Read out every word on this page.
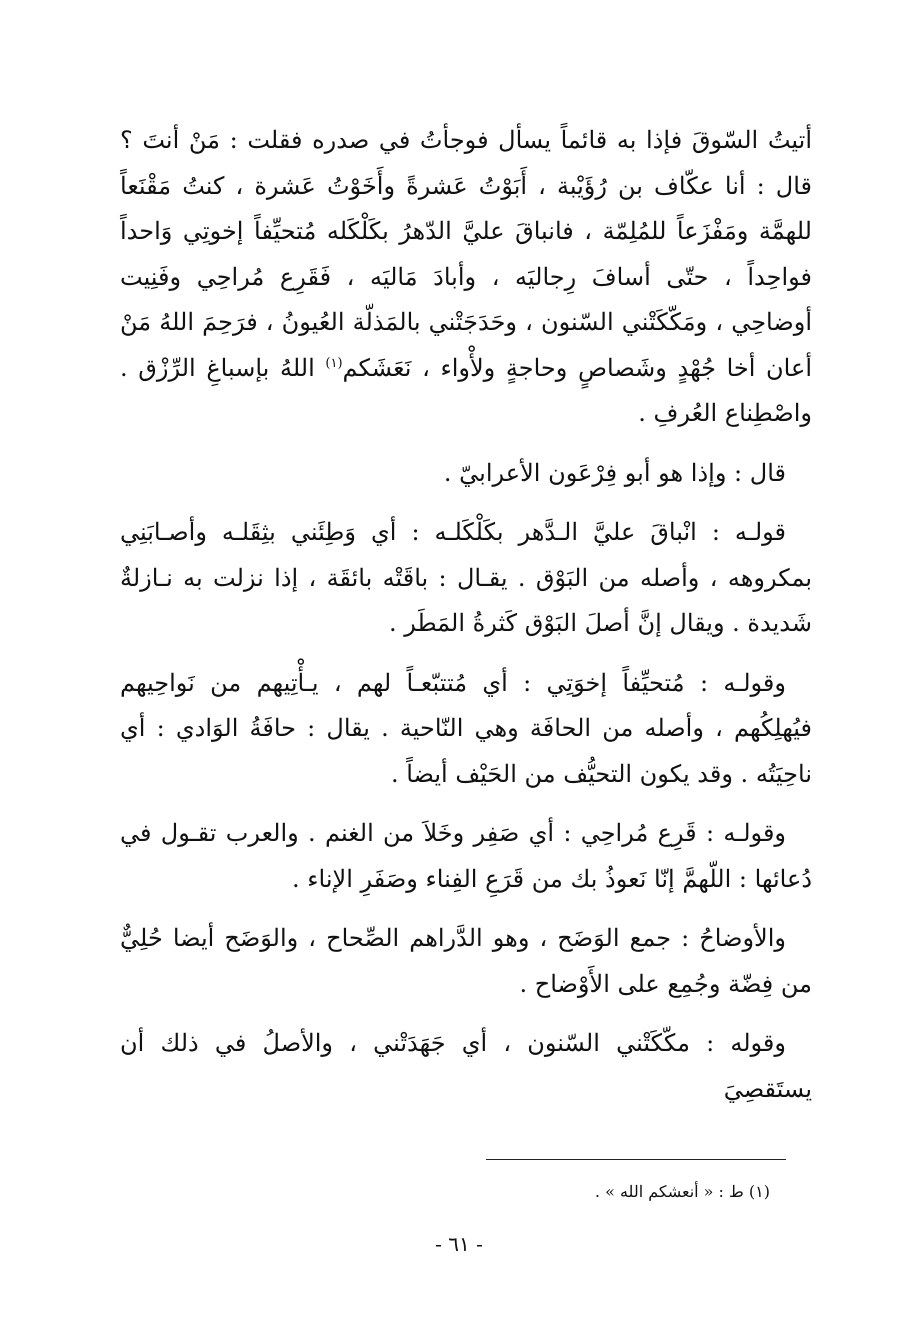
أتيتُ السّوقَ فإذا به قائماً يسأل فوجأتُ في صدره فقلت : مَنْ أنتَ ؟ قال : أنا عكّاف بن رُؤَيْبة ، أَبَوْتُ عَشرةً وأَخَوْتُ عَشرة ، كنتُ مَقْنَعاً للهمَّة ومَفْزَعاً للمُلِمّة ، فانباقَ عليَّ الدّهرُ بكَلْكَله مُتحيِّفاً إخوتِي وَاحداً فواحِداً ، حتّى أسافَ رِجاليَه ، وأبادَ مَاليَه ، فَقَرِع مُراحِي وفَنِيت أوضاحِي ، ومَكّكَتْني السّنون ، وحَدَجَتْني بالمَذلّة العُيونُ ، فرَحِمَ اللهُ مَنْ أعان أخا جُهْدٍ وشَصاصٍ وحاجةٍ ولأْواء ، نَعَشَكم$^{(١)}$ اللهُ بإسباغِ الرِّزْق . واصْطِناع العُرفِ .

قال : وإذا هو أبو فِرْعَون الأعرابيّ .

قولـه : انْباقَ عليَّ الـدَّهر بكَلْكَلـه : أي وَطِئَني بثِقَلـه وأصـابَنِي بمكروهه ، وأصله من البَوْق . يقـال : باقَتْه بائقَة ، إذا نزلت به نـازلةٌ شَديدة . ويقال إنَّ أصلَ البَوْق كَثرةُ المَطَر .

وقولـه : مُتحيِّفاً إخوَتِي : أي مُتتبّعـاً لهم ، يـأْتِيهم من نَواحِيهم فيُهلِكُهم ، وأصله من الحافَة وهي النّاحية . يقال : حافَةُ الوَادي : أي ناحِيَتُه . وقد يكون التحيُّف من الحَيْف أيضاً .

وقولـه : قَرِع مُراحِي : أي صَفِر وخَلاَ من الغنم . والعرب تقـول في دُعائها : اللّهمَّ إنّا نَعوذُ بك من قَرَعِ الفِناء وصَفَرِ الإناء .

والأوضاحُ : جمع الوَضَح ، وهو الدَّراهم الصِّحاح ، والوَضَح أيضا حُلِيٌّ من فِضّة وجُمِع على الأَوْضاح .

وقوله : مكّكَتْني السّنون ، أي جَهَدَتْني ، والأصلُ في ذلك أن يستَقصِيَ

(١) ط : « أنعشكم الله » .

- ٦١ -
